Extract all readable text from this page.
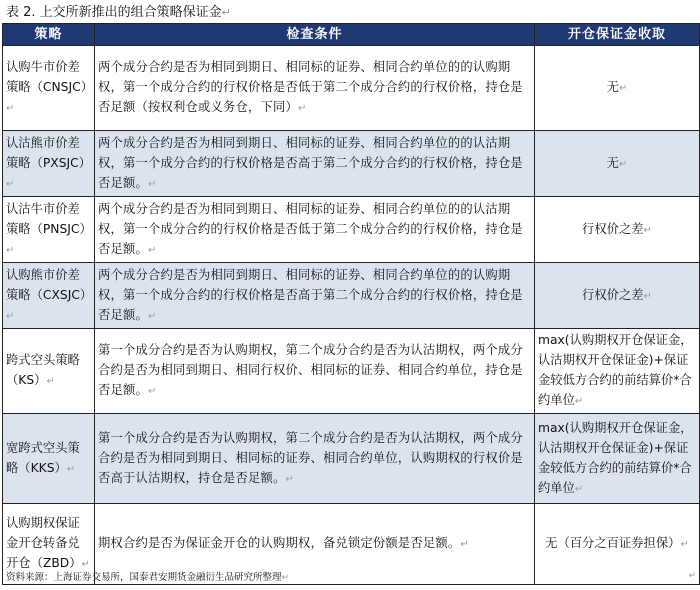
表 2. 上交所新推出的组合策略保证金↵
策略	检查条件	开仓保证金收取
认购牛市价差策略（CNSJC）↵	两个成分合约是否为相同到期日、相同标的证券、相同合约单位的的认购期权，第一个成分合约的行权价格是否低于第二个成分合约的行权价格，持仓是否足额（按权利仓或义务仓，下同）↵	无↵
认沽熊市价差策略（PXSJC）↵	两个成分合约是否为相同到期日、相同标的证券、相同合约单位的的认沽期权，第一个成分合约的行权价格是否高于第二个成分合约的行权价格，持仓是否足额。↵	无↵
认沽牛市价差策略（PNSJC）↵	两个成分合约是否为相同到期日、相同标的证券、相同合约单位的的认沽期权，第一个成分合约的行权价格是否低于第二个成分合约的行权价格，持仓是否足额。↵	行权价之差↵
认购熊市价差策略（CXSJC）↵	两个成分合约是否为相同到期日、相同标的证券、相同合约单位的的认购期权，第一个成分合约的行权价格是否高于第二个成分合约的行权价格，持仓是否足额。↵	行权价之差↵
跨式空头策略（KS）↵	第一个成分合约是否为认购期权，第二个成分合约是否为认沽期权，两个成分合约是否为相同到期日、相同行权价、相同标的证券、相同合约单位，持仓是否足额。↵	max(认购期权开仓保证金，认沽期权开仓保证金)+保证金较低方合约的前结算价*合约单位↵
宽跨式空头策略（KKS）↵	第一个成分合约是否为认购期权，第二个成分合约是否为认沽期权，两个成分合约是否为相同到期日、相同标的证券、相同合约单位，认购期权的行权价是否高于认沽期权，持仓是否足额。↵	max(认购期权开仓保证金，认沽期权开仓保证金)+保证金较低方合约的前结算价*合约单位↵
认购期权保证金开仓转备兑开仓（ZBD）↵	期权合约是否为保证金开仓的认购期权，备兑锁定份额是否足额。↵	无（百分之百证券担保）↵
资料来源：上海证券交易所，国泰君安期货金融衍生品研究所整理↵	↵
